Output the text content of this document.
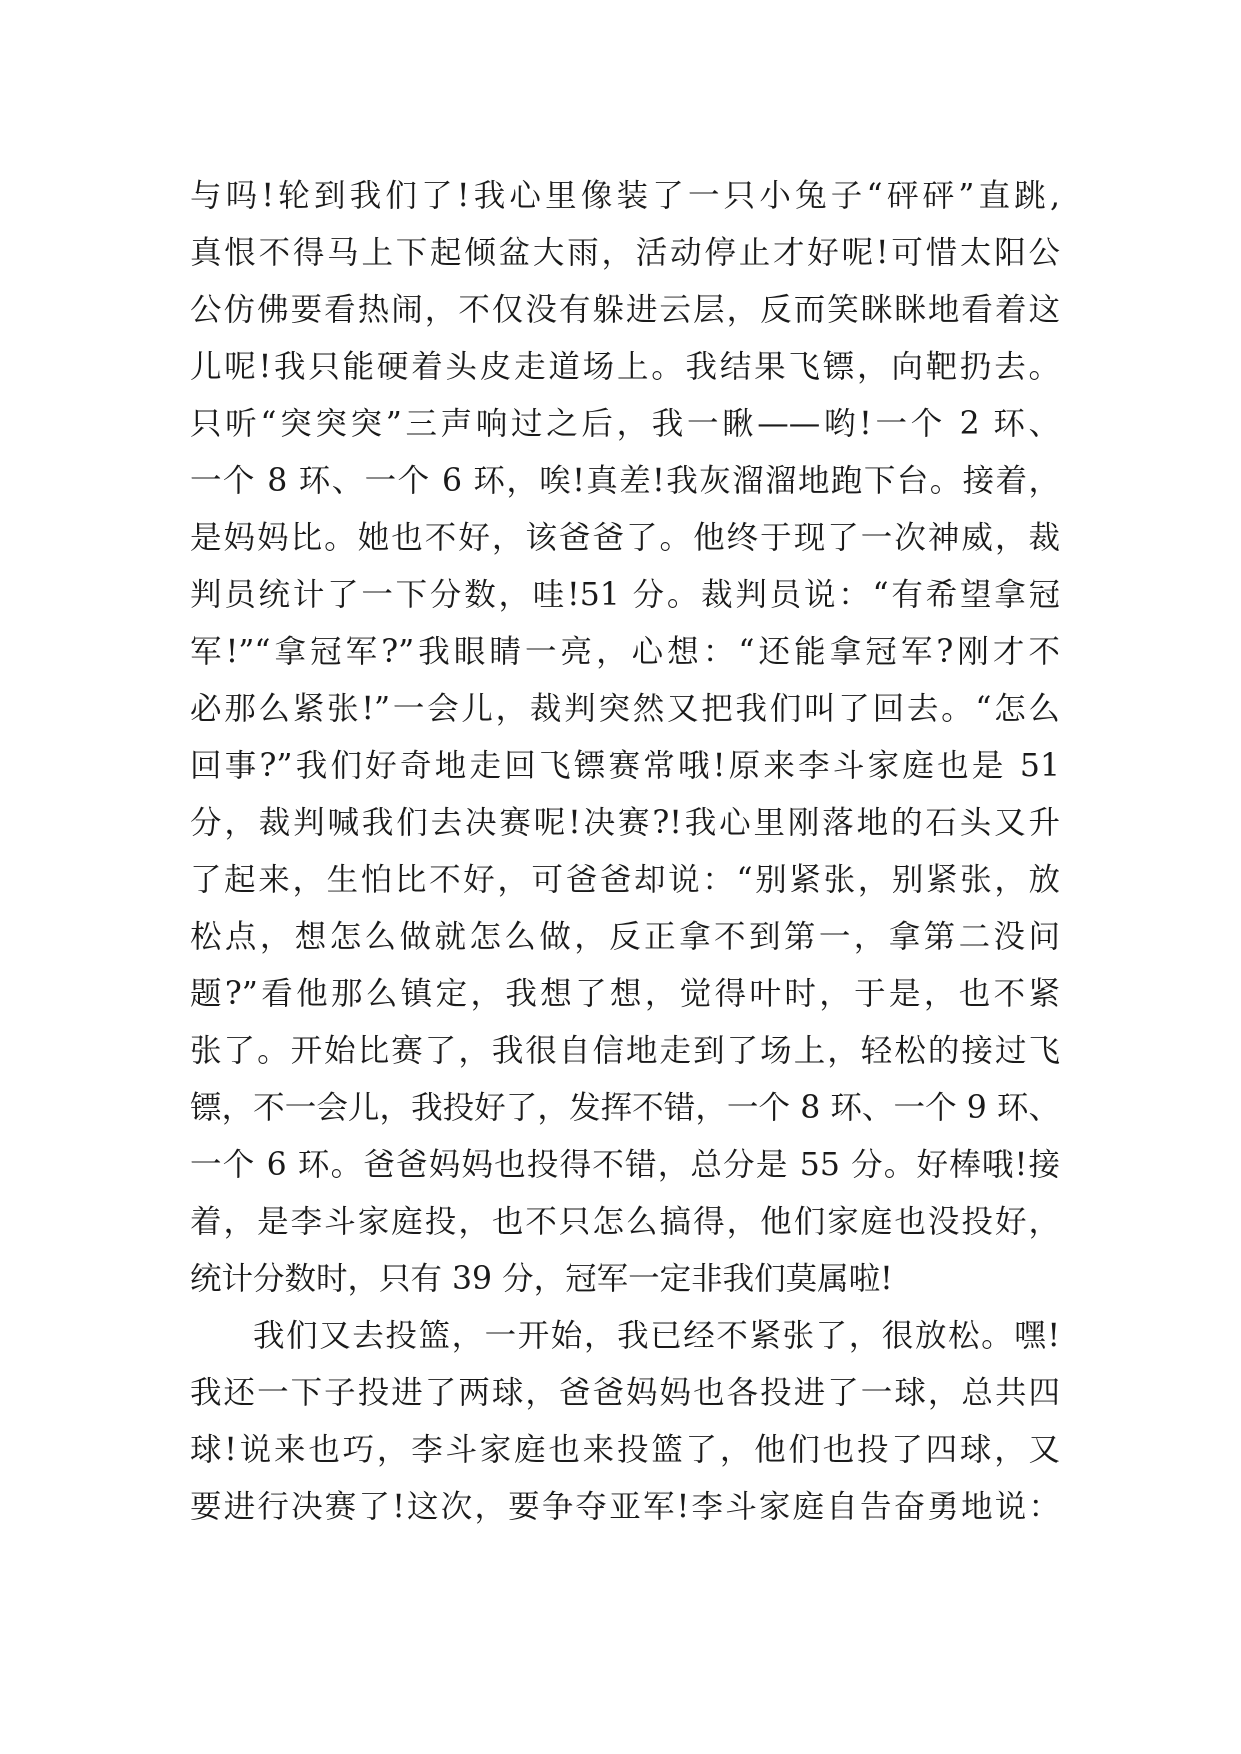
与吗!轮到我们了!我心里像装了一只小兔子“砰砰”直跳,
真恨不得马上下起倾盆大雨，活动停止才好呢!可惜太阳公
公仿佛要看热闹，不仅没有躲进云层，反而笑眯眯地看着这
儿呢!我只能硬着头皮走道场上。我结果飞镖，向靶扔去。
只听“突突突”三声响过之后，我一瞅——哟!一个 2 环、
一个 8 环、一个 6 环，唉!真差!我灰溜溜地跑下台。接着，
是妈妈比。她也不好，该爸爸了。他终于现了一次神威，裁
判员统计了一下分数，哇!51 分。裁判员说：“有希望拿冠
军!”“拿冠军?”我眼睛一亮，心想：“还能拿冠军?刚才不
必那么紧张!”一会儿，裁判突然又把我们叫了回去。“怎么
回事?”我们好奇地走回飞镖赛常哦!原来李斗家庭也是 51
分，裁判喊我们去决赛呢!决赛?!我心里刚落地的石头又升
了起来，生怕比不好，可爸爸却说：“别紧张，别紧张，放
松点，想怎么做就怎么做，反正拿不到第一，拿第二没问
题?”看他那么镇定，我想了想，觉得叶时，于是，也不紧
张了。开始比赛了，我很自信地走到了场上，轻松的接过飞
镖，不一会儿，我投好了，发挥不错，一个 8 环、一个 9 环、
一个 6 环。爸爸妈妈也投得不错，总分是 55 分。好棒哦!接
着，是李斗家庭投，也不只怎么搞得，他们家庭也没投好，
统计分数时，只有 39 分，冠军一定非我们莫属啦!
我们又去投篮，一开始，我已经不紧张了，很放松。嘿!
我还一下子投进了两球，爸爸妈妈也各投进了一球，总共四
球!说来也巧，李斗家庭也来投篮了，他们也投了四球，又
要进行决赛了!这次，要争夺亚军!李斗家庭自告奋勇地说：
